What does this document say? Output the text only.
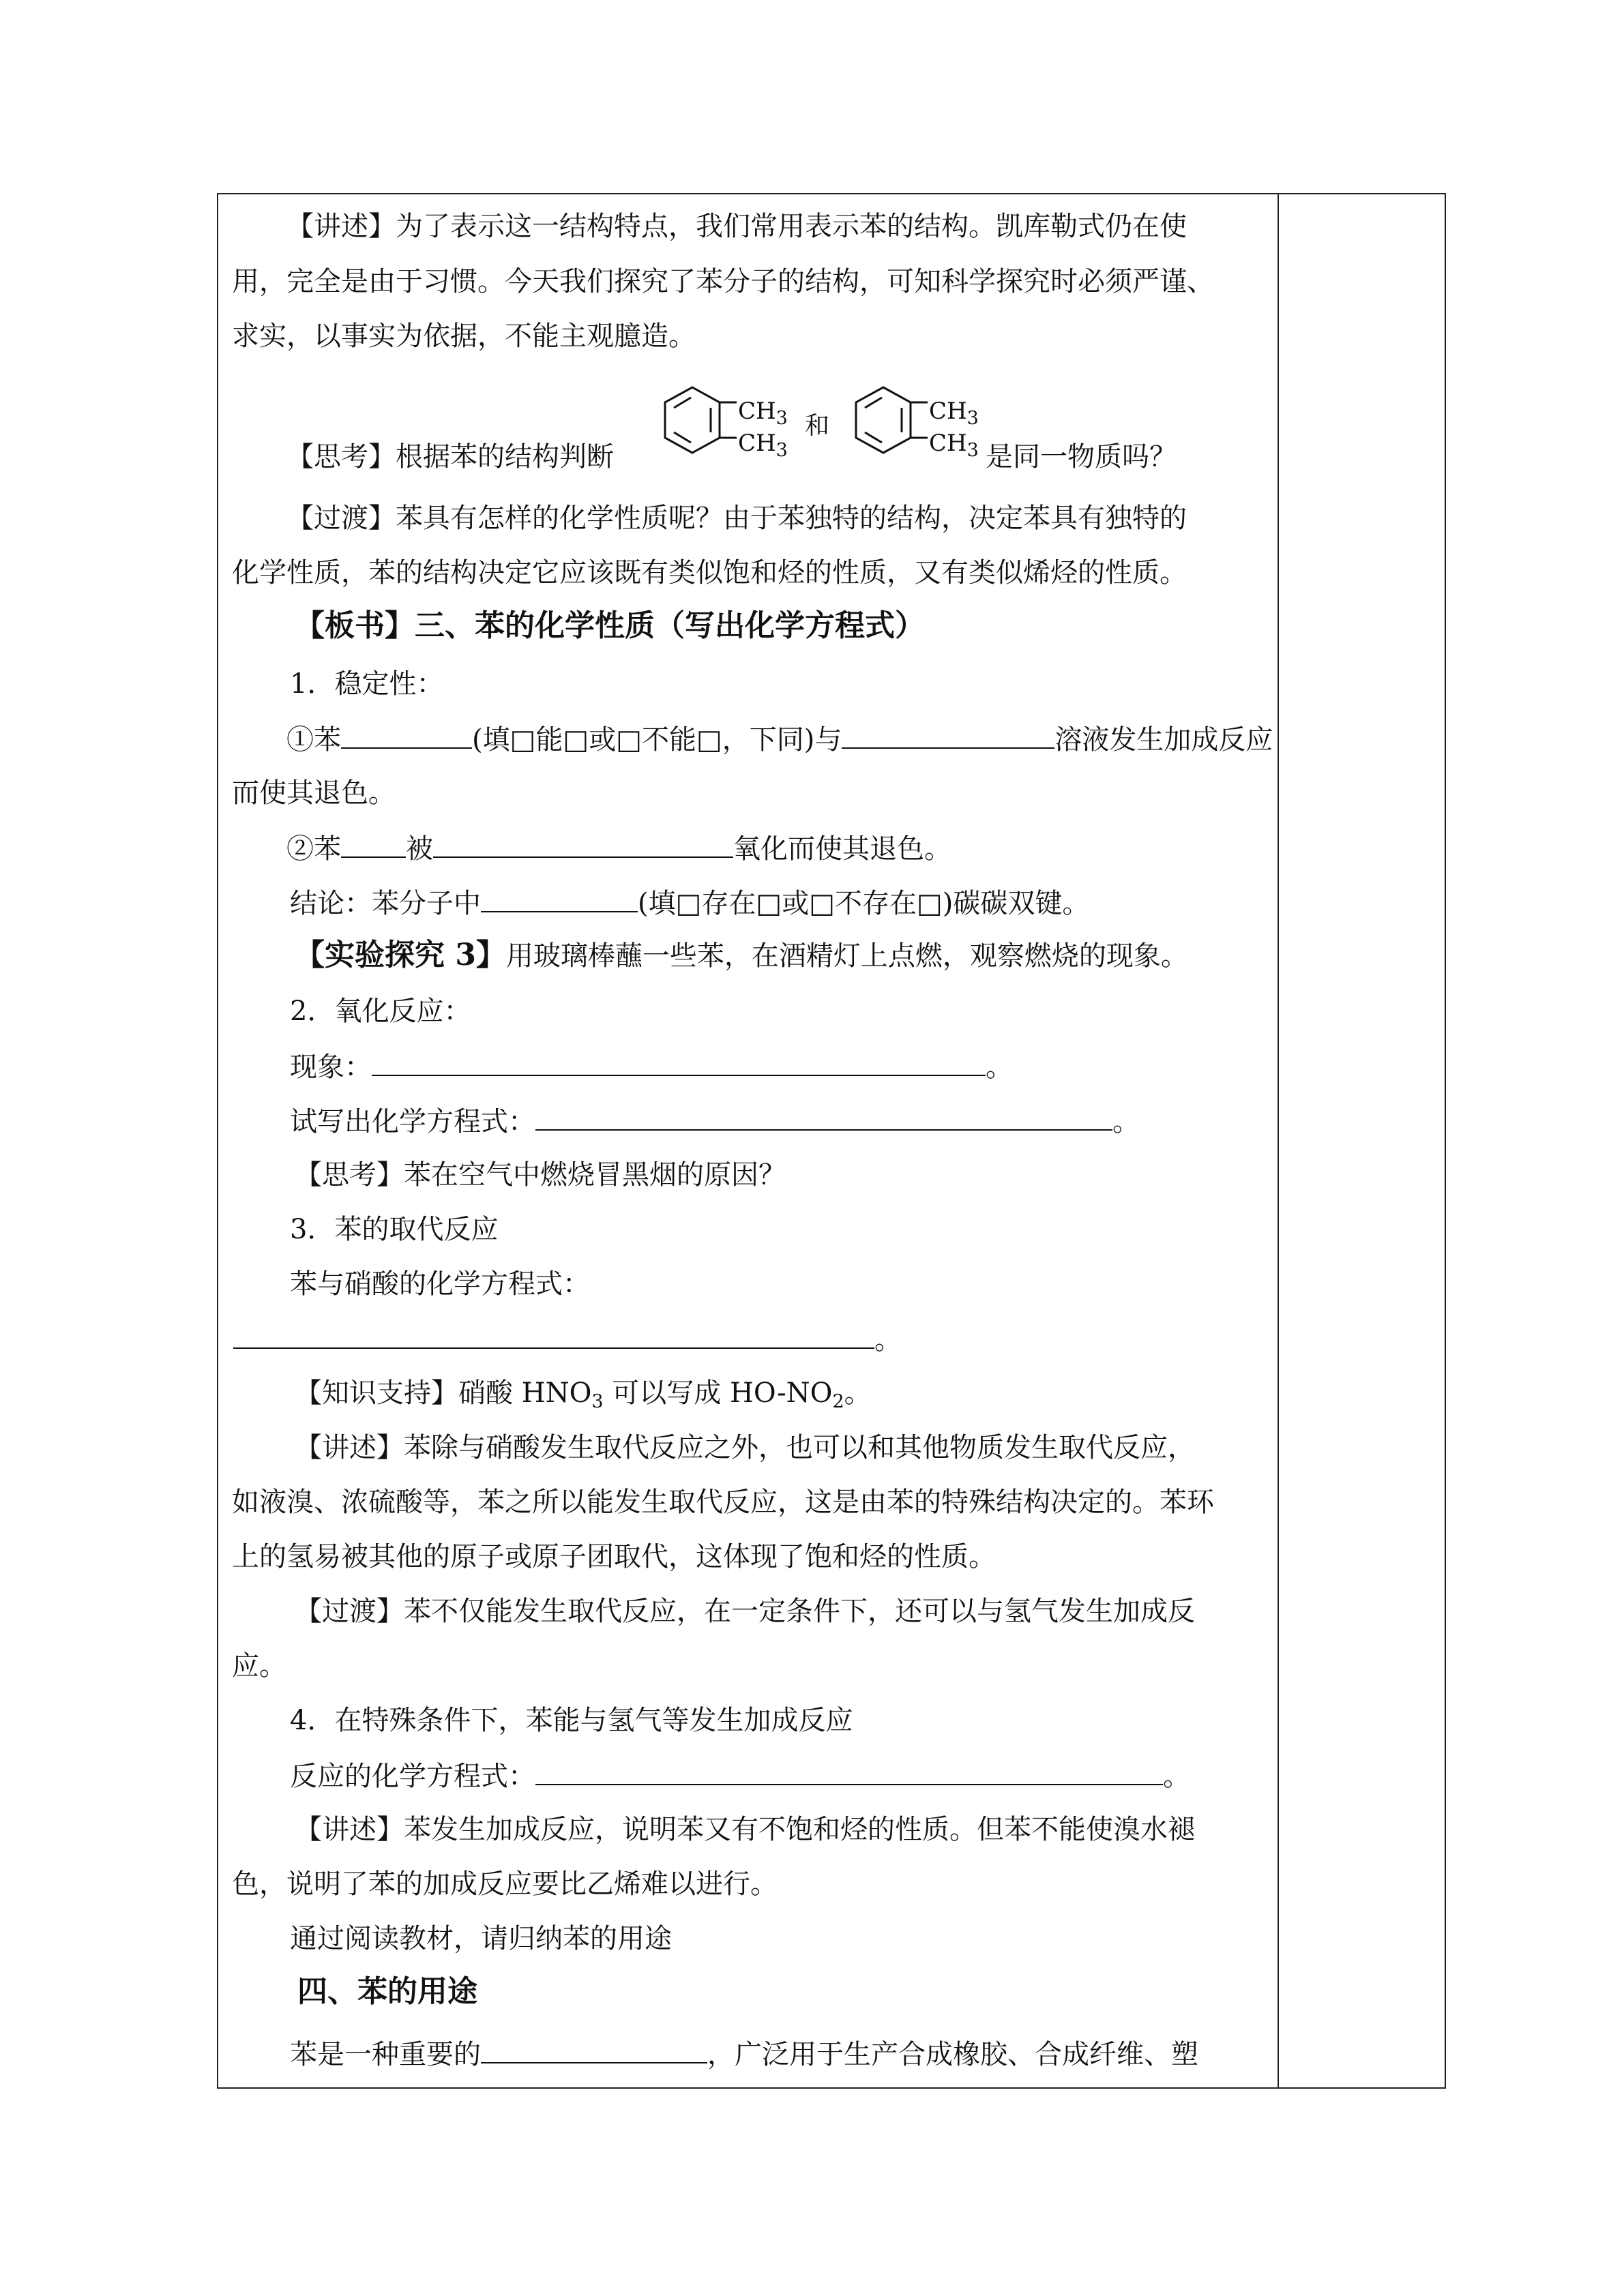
【讲述】为了表示这一结构特点，我们常用表示苯的结构。凯库勒式仍在使
用，完全是由于习惯。今天我们探究了苯分子的结构，可知科学探究时必须严谨、
求实，以事实为依据，不能主观臆造。
【思考】根据苯的结构判断
$CH_3$
$CH_3$
和
$CH_3$
$CH_3$ 是同一物质吗？
【过渡】苯具有怎样的化学性质呢？由于苯独特的结构，决定苯具有独特的
化学性质，苯的结构决定它应该既有类似饱和烃的性质，又有类似烯烃的性质。
【板书】三、苯的化学性质（写出化学方程式）
1．稳定性：
①苯	(填□能□或□不能□，下同)与	溶液发生加成反应
而使其退色。
②苯 被	氧化而使其退色。
结论：苯分子中	(填□存在□或□不存在□)碳碳双键。
【实验探究 3】用玻璃棒蘸一些苯，在酒精灯上点燃，观察燃烧的现象。
2．氧化反应：
现象：	。
试写出化学方程式：	。
【思考】苯在空气中燃烧冒黑烟的原因？
3．苯的取代反应
苯与硝酸的化学方程式：
。
【知识支持】硝酸 $HNO_3$ 可以写成 $HO-NO_2$。
【讲述】苯除与硝酸发生取代反应之外，也可以和其他物质发生取代反应，
如液溴、浓硫酸等，苯之所以能发生取代反应，这是由苯的特殊结构决定的。苯环
上的氢易被其他的原子或原子团取代，这体现了饱和烃的性质。
【过渡】苯不仅能发生取代反应，在一定条件下，还可以与氢气发生加成反
应。
4．在特殊条件下，苯能与氢气等发生加成反应
反应的化学方程式：	。
【讲述】苯发生加成反应，说明苯又有不饱和烃的性质。但苯不能使溴水褪
色，说明了苯的加成反应要比乙烯难以进行。
通过阅读教材，请归纳苯的用途
四、苯的用途
苯是一种重要的	，广泛用于生产合成橡胶、合成纤维、塑
